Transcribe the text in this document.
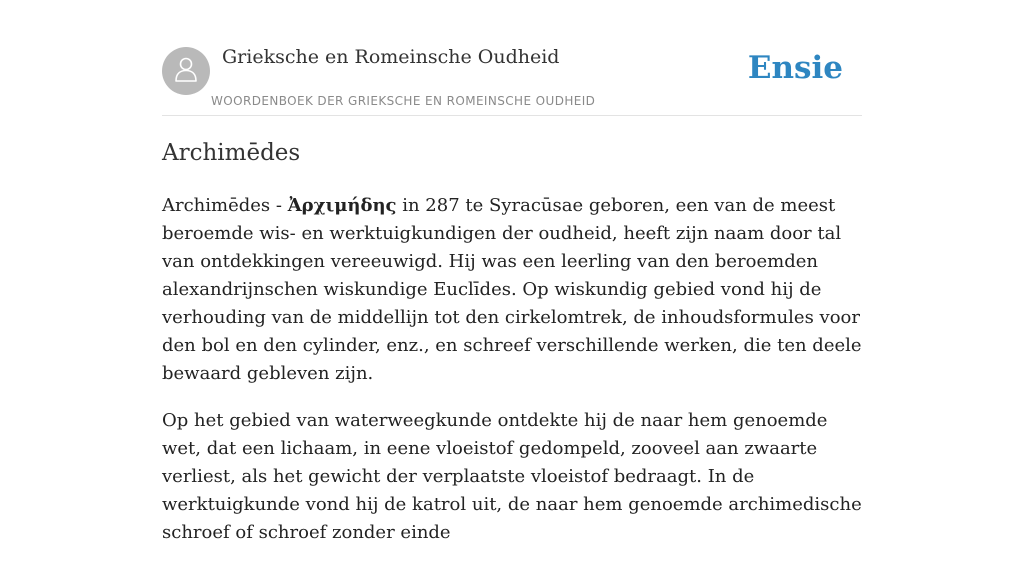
Grieksche en Romeinsche Oudheid
WOORDENBOEK DER GRIEKSCHE EN ROMEINSCHE OUDHEID
Ensie
Archimēdes

Archimēdes - Ἀρχιμήδης in 287 te Syracūsae geboren, een van de meest beroemde wis- en werktuigkundigen der oudheid, heeft zijn naam door tal van ontdekkingen vereeuwigd. Hij was een leerling van den beroemden alexandrijnschen wiskundige Euclīdes. Op wiskundig gebied vond hij de verhouding van de middellijn tot den cirkelomtrek, de inhoudsformules voor den bol en den cylinder, enz., en schreef verschillende werken, die ten deele bewaard gebleven zijn.

Op het gebied van waterweegkunde ontdekte hij de naar hem genoemde wet, dat een lichaam, in eene vloeistof gedompeld, zooveel aan zwaarte verliest, als het gewicht der verplaatste vloeistof bedraagt. In de werktuigkunde vond hij de katrol uit, de naar hem genoemde archimedische schroef of schroef zonder einde
